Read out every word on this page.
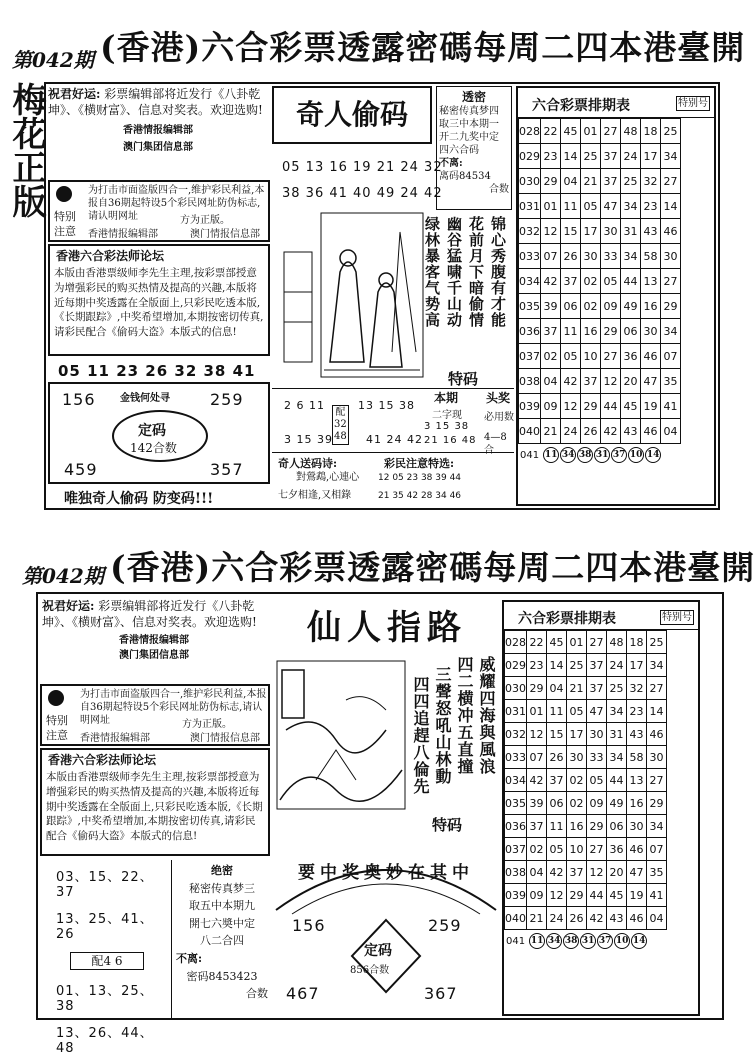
第042期 (香港)六合彩票透露密碼每周二四本港臺開
梅花正版 祝君好运: 彩票编辑部将近发行《八卦乾坤》、《横财富》、信息对奖表。欢迎选购!
香港情报编辑部
澳门集团信息部
特别注意
为打击市面盗版四合一,维护彩民利益,本报自36期起特设5个彩民网址防伪标志,请认明网址	方为正版。
香港情报编辑部	澳门情报信息部
香港六合彩法师论坛
本版由香港票级师李先生主理,按彩票部授意为增强彩民的购买热情及提高的兴趣,本版将近每期中奖透露在全版面上,只彩民吃透本版,《长期跟踪》,中奖希望增加,本期按密切传真,请彩民配合《偷码大盗》本版式的信息!
05 11 23 26 32 38 41
156	259
金钱何处寻
定码
142合数
459	357
唯独奇人偷码 防变码!!!
奇人偷码
05 13 16 19 21 24 32
38 36 41 40 49 24 42
透密
秘密传真梦四
取三中本期一
开二九奖中定
四六合码
不离:
离码84534
合数
锦心秀腹有才能
花前月下暗偷情
幽谷猛啸千山动
绿林暴客气势高
特码
2 6 11
3 15 39
配
32
48
13 15 38
41 24 42
本期
二字现
3 15 38
21 16 48
头奖
必用数
4—8合
奇人送码诗:
對鶯鵡,心連心
七夕相逢,又相錄
彩民注意特选:
12 05 23 38 39 44
21 35 42 28 34 46
六合彩票排期表	特别号
028	22	45	01	27	48	18	25
029	23	14	25	37	24	17	34
030	29	04	21	37	25	32	27
031	01	11	05	47	34	23	14
032	12	15	17	30	31	43	46
033	07	26	30	33	34	58	30
034	42	37	02	05	44	13	27
035	39	06	02	09	49	16	29
036	37	11	16	29	06	30	34
037	02	05	10	27	36	46	07
038	04	42	37	12	20	47	35
039	09	12	29	44	45	19	41
040	21	24	26	42	43	46	04
041 11 34 38 31 37 10 14
第042期 (香港)六合彩票透露密碼每周二四本港臺開
祝君好运: 彩票编辑部将近发行《八卦乾坤》、《横财富》、信息对奖表。欢迎选购!
香港情报编辑部
澳门集团信息部
特别注意
为打击市面盗版四合一,维护彩民利益,本报自36期起特设5个彩民网址防伪标志,请认明网址	方为正版。
香港情报编辑部	澳门情报信息部
香港六合彩法师论坛
本版由香港票级师李先生主理,按彩票部授意为增强彩民的购买热情及提高的兴趣,本版将近每期中奖透露在全版面上,只彩民吃透本版,《长期跟踪》,中奖希望增加,本期按密切传真,请彩民配合《偷码大盗》本版式的信息!
03、15、22、37
13、25、41、26
配4 6
01、13、25、38
13、26、44、48
绝密
秘密传真梦三
取五中本期九
開七六奬中定
八二合四
不离:
密码8453423
合数
仙人指路
威耀四海與風浪
四二横冲五直撞
三聲怒吼山林動
四四追趕八倫先
特码
要中奖奥妙在其中
156	259
定码
856合数
467	367
六合彩票排期表	特别号
028	22	45	01	27	48	18	25
029	23	14	25	37	24	17	34
030	29	04	21	37	25	32	27
031	01	11	05	47	34	23	14
032	12	15	17	30	31	43	46
033	07	26	30	33	34	58	30
034	42	37	02	05	44	13	27
035	39	06	02	09	49	16	29
036	37	11	16	29	06	30	34
037	02	05	10	27	36	46	07
038	04	42	37	12	20	47	35
039	09	12	29	44	45	19	41
040	21	24	26	42	43	46	04
041 11 34 38 31 37 10 14
